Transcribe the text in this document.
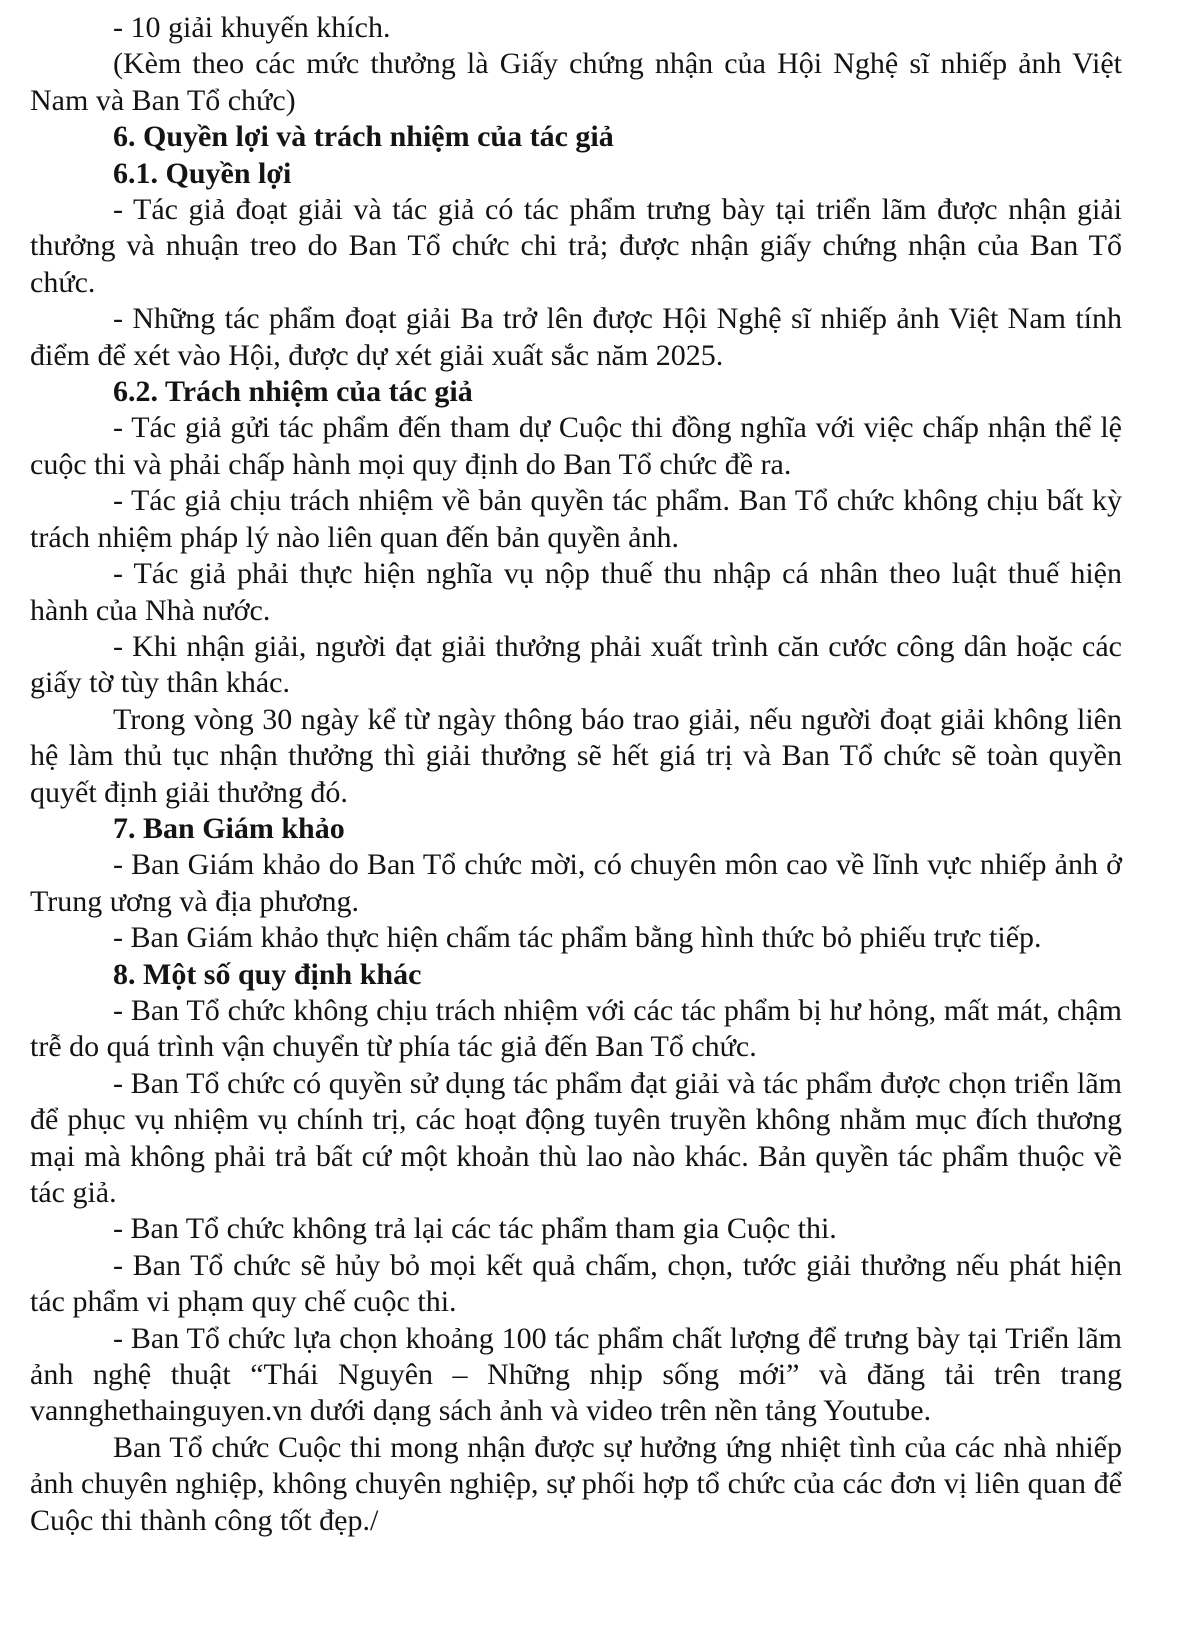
- 10 giải khuyến khích.

(Kèm theo các mức thưởng là Giấy chứng nhận của Hội Nghệ sĩ nhiếp ảnh Việt Nam và Ban Tổ chức)

6. Quyền lợi và trách nhiệm của tác giả

6.1. Quyền lợi

- Tác giả đoạt giải và tác giả có tác phẩm trưng bày tại triển lãm được nhận giải thưởng và nhuận treo do Ban Tổ chức chi trả; được nhận giấy chứng nhận của Ban Tổ chức.

- Những tác phẩm đoạt giải Ba trở lên được Hội Nghệ sĩ nhiếp ảnh Việt Nam tính điểm để xét vào Hội, được dự xét giải xuất sắc năm 2025.

6.2. Trách nhiệm của tác giả

- Tác giả gửi tác phẩm đến tham dự Cuộc thi đồng nghĩa với việc chấp nhận thể lệ cuộc thi và phải chấp hành mọi quy định do Ban Tổ chức đề ra.

- Tác giả chịu trách nhiệm về bản quyền tác phẩm. Ban Tổ chức không chịu bất kỳ trách nhiệm pháp lý nào liên quan đến bản quyền ảnh.

- Tác giả phải thực hiện nghĩa vụ nộp thuế thu nhập cá nhân theo luật thuế hiện hành của Nhà nước.

- Khi nhận giải, người đạt giải thưởng phải xuất trình căn cước công dân hoặc các giấy tờ tùy thân khác.

Trong vòng 30 ngày kể từ ngày thông báo trao giải, nếu người đoạt giải không liên hệ làm thủ tục nhận thưởng thì giải thưởng sẽ hết giá trị và Ban Tổ chức sẽ toàn quyền quyết định giải thưởng đó.

7. Ban Giám khảo

- Ban Giám khảo do Ban Tổ chức mời, có chuyên môn cao về lĩnh vực nhiếp ảnh ở Trung ương và địa phương.

- Ban Giám khảo thực hiện chấm tác phẩm bằng hình thức bỏ phiếu trực tiếp.

8. Một số quy định khác

- Ban Tổ chức không chịu trách nhiệm với các tác phẩm bị hư hỏng, mất mát, chậm trễ do quá trình vận chuyển từ phía tác giả đến Ban Tổ chức.

- Ban Tổ chức có quyền sử dụng tác phẩm đạt giải và tác phẩm được chọn triển lãm để phục vụ nhiệm vụ chính trị, các hoạt động tuyên truyền không nhằm mục đích thương mại mà không phải trả bất cứ một khoản thù lao nào khác. Bản quyền tác phẩm thuộc về tác giả.

- Ban Tổ chức không trả lại các tác phẩm tham gia Cuộc thi.

- Ban Tổ chức sẽ hủy bỏ mọi kết quả chấm, chọn, tước giải thưởng nếu phát hiện tác phẩm vi phạm quy chế cuộc thi.

- Ban Tổ chức lựa chọn khoảng 100 tác phẩm chất lượng để trưng bày tại Triển lãm ảnh nghệ thuật “Thái Nguyên – Những nhịp sống mới” và đăng tải trên trang vannghethainguyen.vn dưới dạng sách ảnh và video trên nền tảng Youtube.

Ban Tổ chức Cuộc thi mong nhận được sự hưởng ứng nhiệt tình của các nhà nhiếp ảnh chuyên nghiệp, không chuyên nghiệp, sự phối hợp tổ chức của các đơn vị liên quan để Cuộc thi thành công tốt đẹp./
